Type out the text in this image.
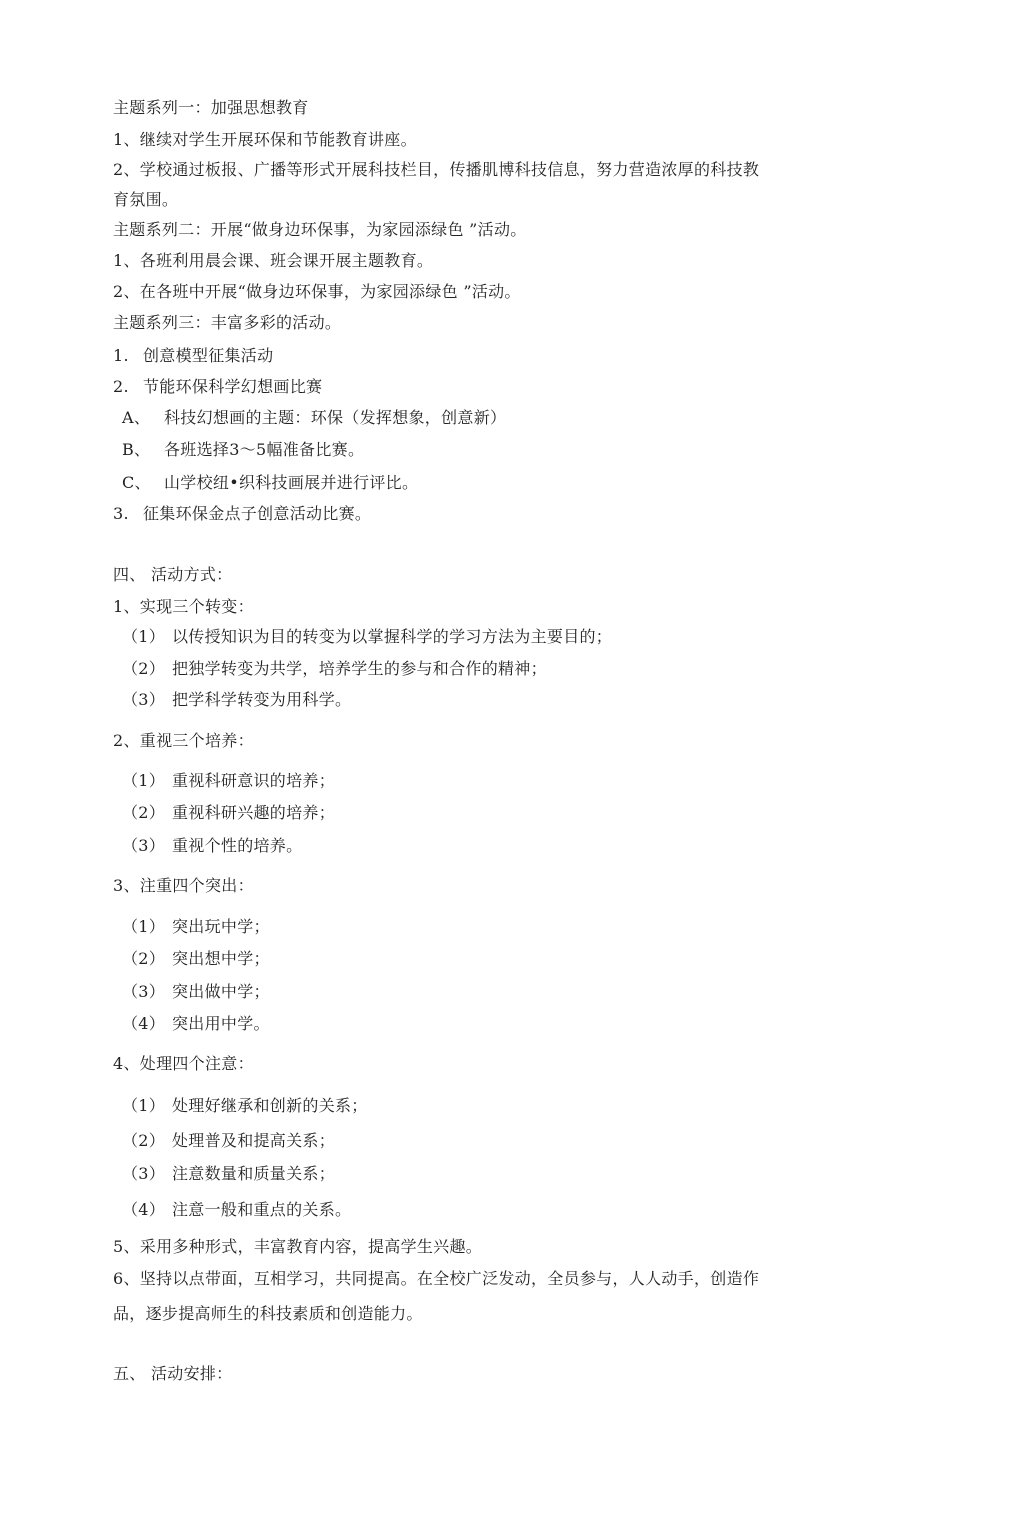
主题系列一：加强思想教育
1、继续对学生开展环保和节能教育讲座。
2、学校通过板报、广播等形式开展科技栏目，传播肌博科技信息，努力营造浓厚的科技教
育氛围。
主题系列二：开展“做身边环保事，为家园添绿色 ”活动。
1、各班利用晨会课、班会课开展主题教育。
2、在各班中开展“做身边环保事，为家园添绿色 ”活动。
主题系列三：丰富多彩的活动。
1. 创意模型征集活动
2. 节能环保科学幻想画比赛
A、 科技幻想画的主题：环保（发挥想象，创意新）
B、 各班选择3～5幅准备比赛。
C、 山学校纽•织科技画展并进行评比。
3. 征集环保金点子创意活动比赛。
四、 活动方式：
1、实现三个转变：
（1） 以传授知识为目的转变为以掌握科学的学习方法为主要目的；
（2） 把独学转变为共学，培养学生的参与和合作的精神；
（3） 把学科学转变为用科学。
2、重视三个培养：
（1） 重视科研意识的培养；
（2） 重视科研兴趣的培养；
（3） 重视个性的培养。
3、注重四个突出：
（1） 突出玩中学；
（2） 突出想中学；
（3） 突出做中学；
（4） 突出用中学。
4、处理四个注意：
（1） 处理好继承和创新的关系；
（2） 处理普及和提高关系；
（3） 注意数量和质量关系；
（4） 注意一般和重点的关系。
5、采用多种形式，丰富教育内容，提高学生兴趣。
6、坚持以点带面，互相学习，共同提高。在全校广泛发动，全员参与，人人动手，创造作
品，逐步提高师生的科技素质和创造能力。
五、 活动安排：
